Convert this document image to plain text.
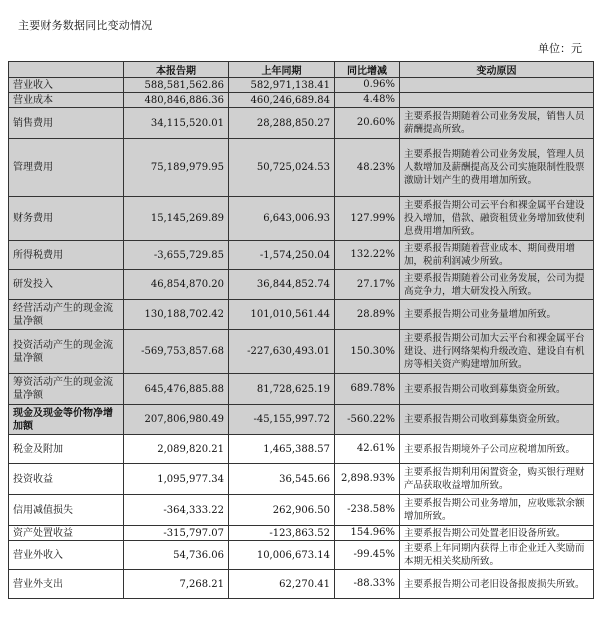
主要财务数据同比变动情况
单位：元
	本报告期	上年同期	同比增减	变动原因
营业收入	588,581,562.86	582,971,138.41	0.96%	
营业成本	480,846,886.36	460,246,689.84	4.48%	
销售费用	34,115,520.01	28,288,850.27	20.60%	主要系报告期随着公司业务发展，销售人员薪酬提高所致。
管理费用	75,189,979.95	50,725,024.53	48.23%	主要系报告期随着公司业务发展，管理人员人数增加及薪酬提高及公司实施限制性股票激励计划产生的费用增加所致。
财务费用	15,145,269.89	6,643,006.93	127.99%	主要系报告期公司云平台和裸金属平台建设投入增加，借款、融资租赁业务增加致使利息费用增加所致。
所得税费用	-3,655,729.85	-1,574,250.04	132.22%	主要系报告期随着营业成本、期间费用增加，税前利润减少所致。
研发投入	46,854,870.20	36,844,852.74	27.17%	主要系报告期随着公司业务发展，公司为提高竞争力，增大研发投入所致。
经营活动产生的现金流量净额	130,188,702.42	101,010,561.44	28.89%	主要系报告期公司业务量增加所致。
投资活动产生的现金流量净额	-569,753,857.68	-227,630,493.01	150.30%	主要系报告期公司加大云平台和裸金属平台建设、进行网络架构升级改造、建设自有机房等相关资产购建增加所致。
筹资活动产生的现金流量净额	645,476,885.88	81,728,625.19	689.78%	主要系报告期公司收到募集资金所致。
现金及现金等价物净增加额	207,806,980.49	-45,155,997.72	-560.22%	主要系报告期公司收到募集资金所致。
税金及附加	2,089,820.21	1,465,388.57	42.61%	主要系报告期境外子公司应税增加所致。
投资收益	1,095,977.34	36,545.66	2,898.93%	主要系报告期利用闲置资金，购买银行理财产品获取收益增加所致。
信用减值损失	-364,333.22	262,906.50	-238.58%	主要系报告期公司业务增加，应收账款余额增加所致。
资产处置收益	-315,797.07	-123,863.52	154.96%	主要系报告期公司处置老旧设备所致。
营业外收入	54,736.06	10,006,673.14	-99.45%	主要系上年同期内获得上市企业迁入奖励而本期无相关奖励所致。
营业外支出	7,268.21	62,270.41	-88.33%	主要系报告期公司老旧设备报废损失所致。
